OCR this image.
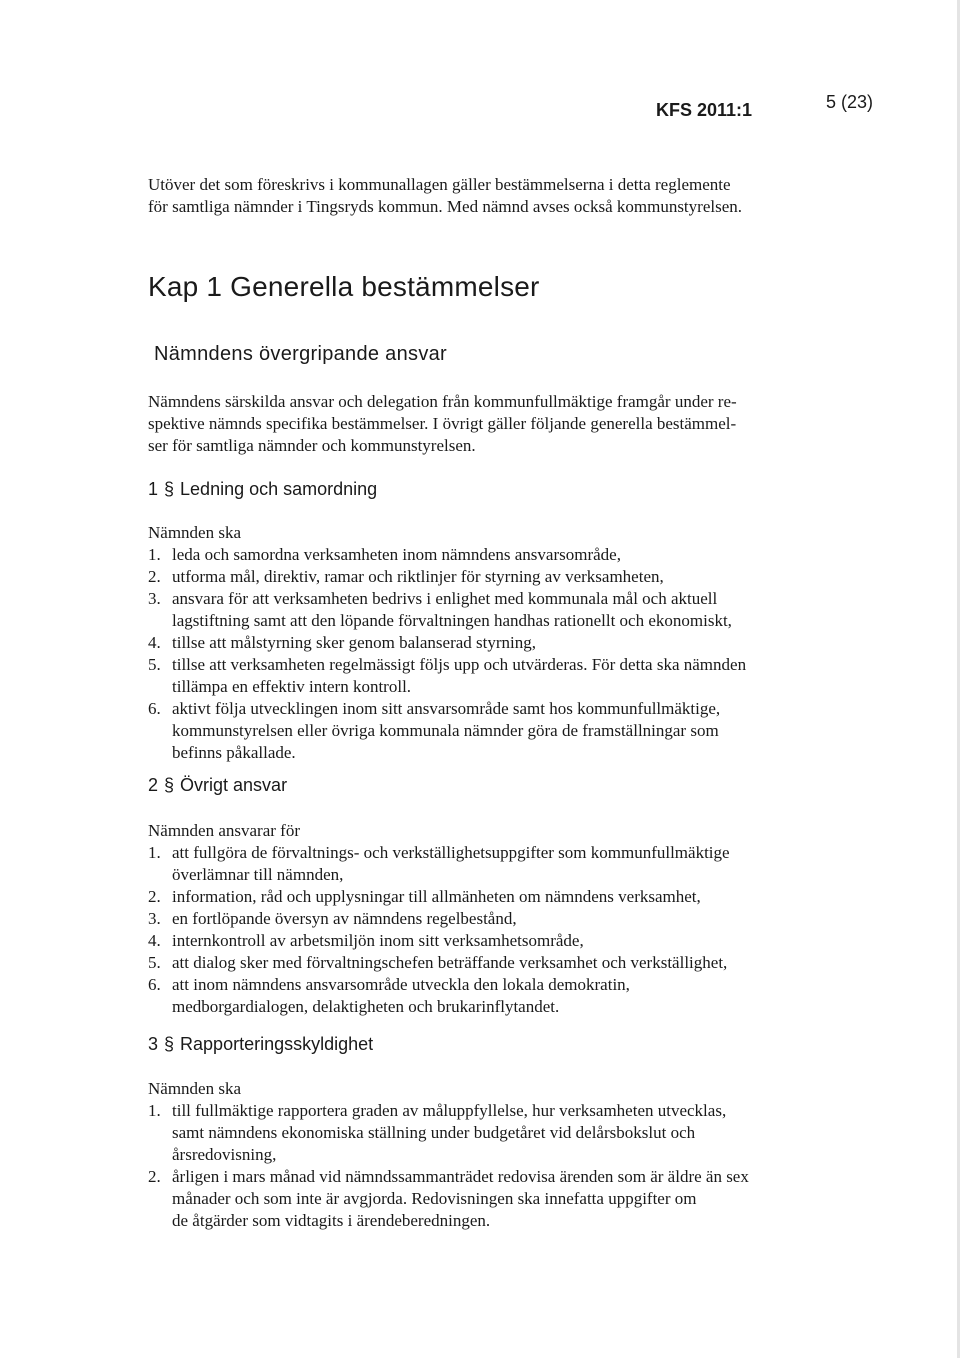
KFS 2011:1	5 (23)

Utöver det som föreskrivs i kommunallagen gäller bestämmelserna i detta reglemente

för samtliga nämnder i Tingsryds kommun. Med nämnd avses också kommunstyrelsen.

Kap 1 Generella bestämmelser
Nämndens övergripande ansvar

Nämndens särskilda ansvar och delegation från kommunfullmäktige framgår under re-

spektive nämnds specifika bestämmelser. I övrigt gäller följande generella bestämmel-

ser för samtliga nämnder och kommunstyrelsen.

1 § Ledning och samordning

Nämnden ska

1. leda och samordna verksamheten inom nämndens ansvarsområde,
2. utforma mål, direktiv, ramar och riktlinjer för styrning av verksamheten,
3. ansvara för att verksamheten bedrivs i enlighet med kommunala mål och aktuell
lagstiftning samt att den löpande förvaltningen handhas rationellt och ekonomiskt,
4. tillse att målstyrning sker genom balanserad styrning,
5. tillse att verksamheten regelmässigt följs upp och utvärderas. För detta ska nämnden
tillämpa en effektiv intern kontroll.
6. aktivt följa utvecklingen inom sitt ansvarsområde samt hos kommunfullmäktige,
kommunstyrelsen eller övriga kommunala nämnder göra de framställningar som
befinns påkallade.
2 § Övrigt ansvar

Nämnden ansvarar för

1. att fullgöra de förvaltnings- och verkställighetsuppgifter som kommunfullmäktige
överlämnar till nämnden,
2. information, råd och upplysningar till allmänheten om nämndens verksamhet,
3. en fortlöpande översyn av nämndens regelbestånd,
4. internkontroll av arbetsmiljön inom sitt verksamhetsområde,
5. att dialog sker med förvaltningschefen beträffande verksamhet och verkställighet,
6. att inom nämndens ansvarsområde utveckla den lokala demokratin,
medborgardialogen, delaktigheten och brukarinflytandet.
3 § Rapporteringsskyldighet

Nämnden ska

1. till fullmäktige rapportera graden av måluppfyllelse, hur verksamheten utvecklas,
samt nämndens ekonomiska ställning under budgetåret vid delårsbokslut och
årsredovisning,
2. årligen i mars månad vid nämndssammanträdet redovisa ärenden som är äldre än sex
månader och som inte är avgjorda. Redovisningen ska innefatta uppgifter om
de åtgärder som vidtagits i ärendeberedningen.
